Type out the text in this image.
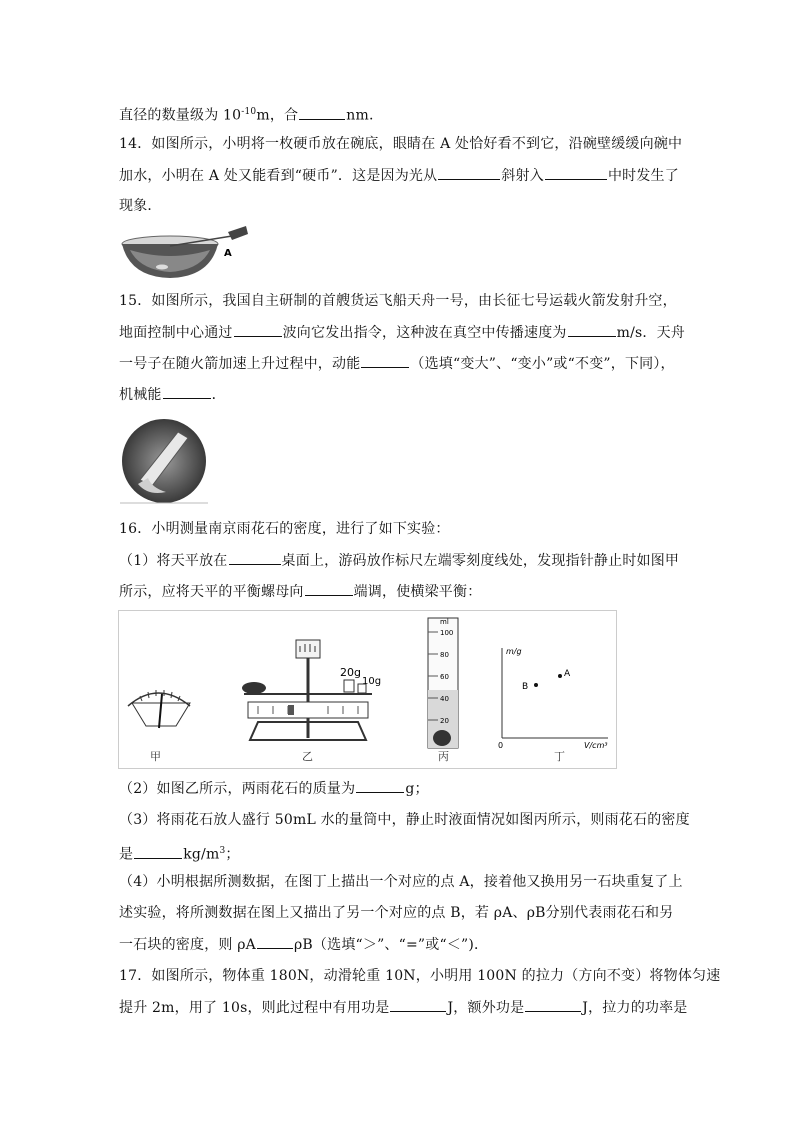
直径的数量级为 $10^{-10}m$，合	nm.
14．如图所示，小明将一枚硬币放在碗底，眼睛在 A 处恰好看不到它，沿碗壁缓缓向碗中
加水，小明在 A 处又能看到“硬币”．这是因为光从	斜射入	中时发生了
现象．
A
15．如图所示，我国自主研制的首艘货运飞船天舟一号，由长征七号运载火箭发射升空，
地面控制中心通过	波向它发出指令，这种波在真空中传播速度为	m/s．天舟
一号子在随火箭加速上升过程中，动能	（选填“变大”、“变小”或“不变”，下同），
机械能	．
16．小明测量南京雨花石的密度，进行了如下实验：
（1）将天平放在	桌面上，游码放作标尺左端零刻度线处，发现指针静止时如图甲
所示，应将天平的平衡螺母向	端调，使横梁平衡：
20g
10g
ml
100
80
60
40
20
m/g
V/cm³
0
A
B
甲	乙	丙	丁
（2）如图乙所示，两雨花石的质量为	g；
（3）将雨花石放人盛行 50mL 水的量筒中，静止时液面情况如图丙所示，则雨花石的密度
是	$kg/m^3$；
（4）小明根据所测数据，在图丁上描出一个对应的点 A，接着他又换用另一石块重复了上
述实验，将所测数据在图上又描出了另一个对应的点 B，若 ρA、ρB分别代表雨花石和另
一石块的密度，则 ρA	ρB（选填“＞”、“=”或“＜”)．
17．如图所示，物体重 180N，动滑轮重 10N，小明用 100N 的拉力（方向不变）将物体匀速
提升 2m，用了 10s，则此过程中有用功是	J，额外功是	J，拉力的功率是
